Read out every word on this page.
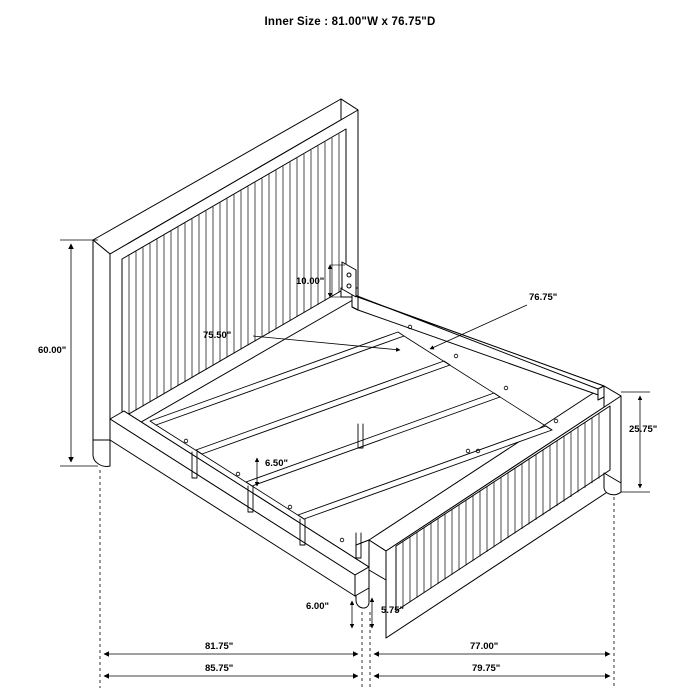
Inner Size : 81.00"W x 76.75"D
60.00"
10.00"
75.50"
76.75"
25.75"
6.50"
6.00"	5.75"
81.75"	77.00"
85.75"	79.75"
